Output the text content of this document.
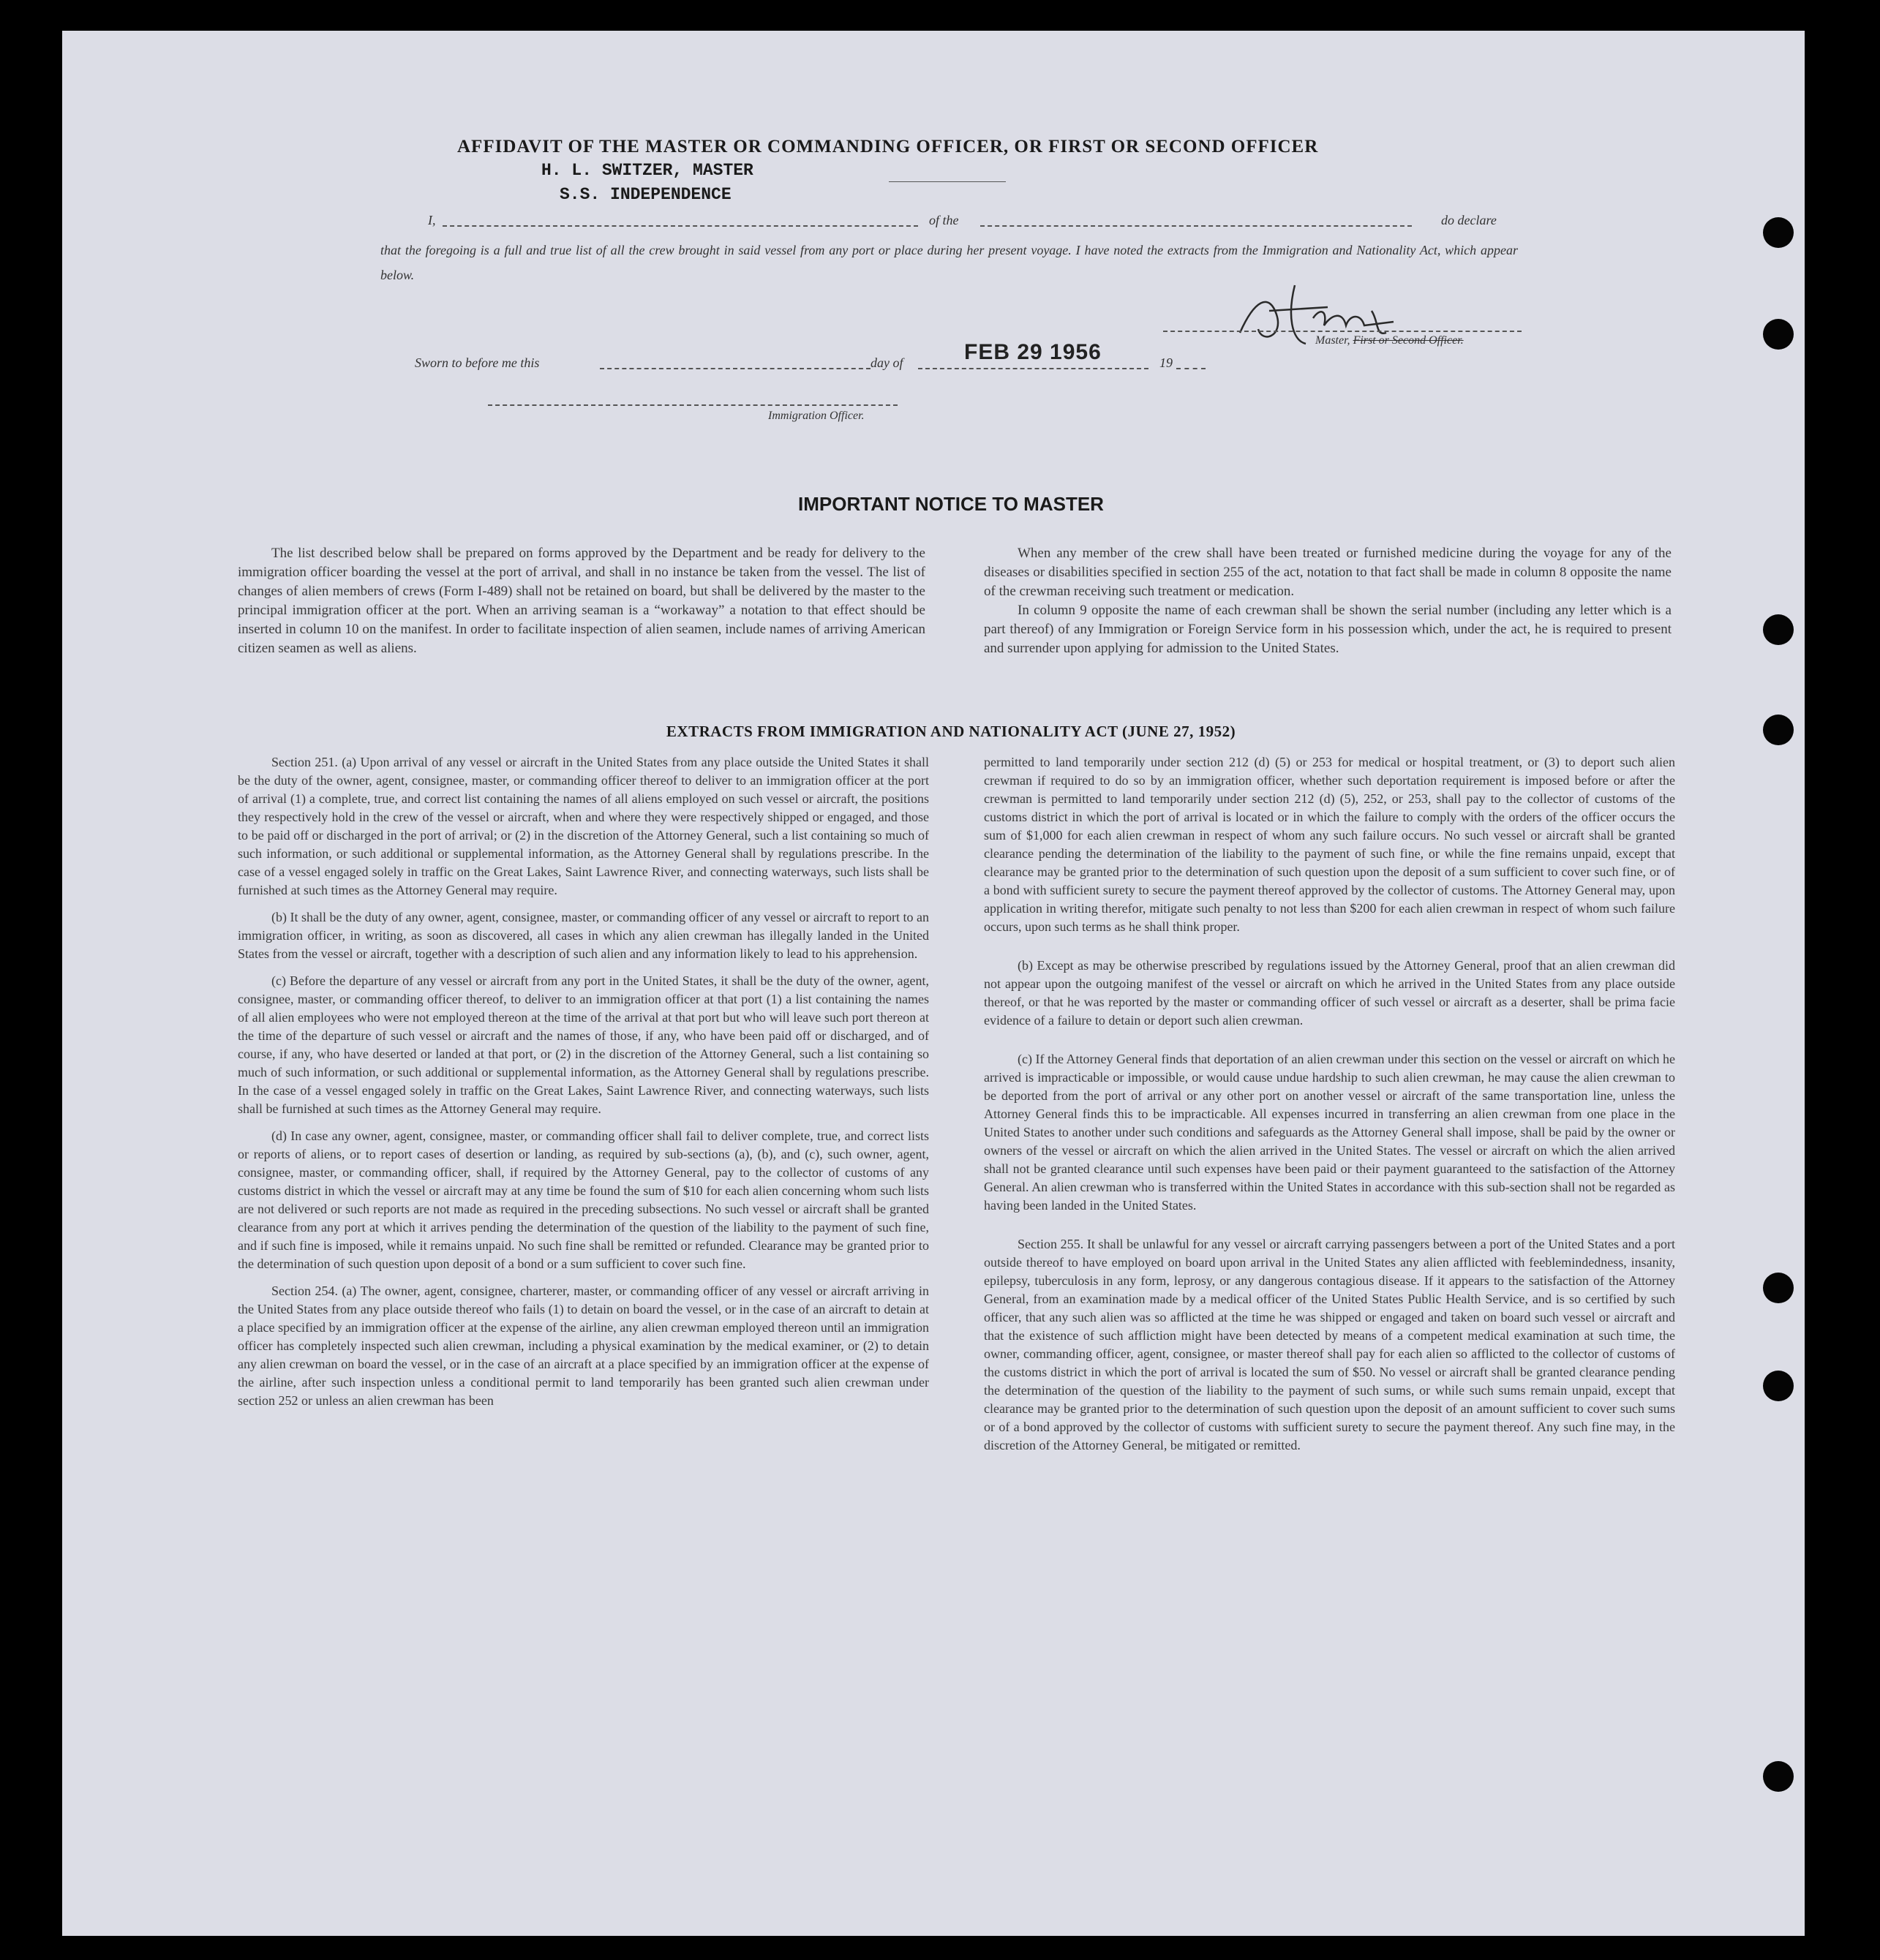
AFFIDAVIT OF THE MASTER OR COMMANDING OFFICER, OR FIRST OR SECOND OFFICER
H. L. SWITZER, MASTER
S.S. INDEPENDENCE
I,	of the	do declare
that the foregoing is a full and true list of all the crew brought in said vessel from any port or place during her present voyage. I have noted the extracts from the Immigration and Nationality Act, which appear below.
Master, First or Second Officer.
Sworn to before me this	day of	FEB 29 1956	19
Immigration Officer.
IMPORTANT NOTICE TO MASTER

The list described below shall be prepared on forms approved by the Department and be ready for delivery to the immigration officer boarding the vessel at the port of arrival, and shall in no instance be taken from the vessel. The list of changes of alien members of crews (Form I-489) shall not be retained on board, but shall be delivered by the master to the principal immigration officer at the port. When an arriving seaman is a “workaway” a notation to that effect should be inserted in column 10 on the manifest. In order to facilitate inspection of alien seamen, include names of arriving American citizen seamen as well as aliens.

When any member of the crew shall have been treated or furnished medicine during the voyage for any of the diseases or disabilities specified in section 255 of the act, notation to that fact shall be made in column 8 opposite the name of the crewman receiving such treatment or medication.

In column 9 opposite the name of each crewman shall be shown the serial number (including any letter which is a part thereof) of any Immigration or Foreign Service form in his possession which, under the act, he is required to present and surrender upon applying for admission to the United States.

EXTRACTS FROM IMMIGRATION AND NATIONALITY ACT (JUNE 27, 1952)

Section 251. (a) Upon arrival of any vessel or aircraft in the United States from any place outside the United States it shall be the duty of the owner, agent, consignee, master, or commanding officer thereof to deliver to an immigration officer at the port of arrival (1) a complete, true, and correct list containing the names of all aliens employed on such vessel or aircraft, the positions they respectively hold in the crew of the vessel or aircraft, when and where they were respectively shipped or engaged, and those to be paid off or discharged in the port of arrival; or (2) in the discretion of the Attorney General, such a list containing so much of such information, or such additional or supplemental information, as the Attorney General shall by regulations prescribe. In the case of a vessel engaged solely in traffic on the Great Lakes, Saint Lawrence River, and connecting waterways, such lists shall be furnished at such times as the Attorney General may require.

(b) It shall be the duty of any owner, agent, consignee, master, or commanding officer of any vessel or aircraft to report to an immigration officer, in writing, as soon as discovered, all cases in which any alien crewman has illegally landed in the United States from the vessel or aircraft, together with a description of such alien and any information likely to lead to his apprehension.

(c) Before the departure of any vessel or aircraft from any port in the United States, it shall be the duty of the owner, agent, consignee, master, or commanding officer thereof, to deliver to an immigration officer at that port (1) a list containing the names of all alien employees who were not employed thereon at the time of the arrival at that port but who will leave such port thereon at the time of the departure of such vessel or aircraft and the names of those, if any, who have been paid off or discharged, and of course, if any, who have deserted or landed at that port, or (2) in the discretion of the Attorney General, such a list containing so much of such information, or such additional or supplemental information, as the Attorney General shall by regulations prescribe. In the case of a vessel engaged solely in traffic on the Great Lakes, Saint Lawrence River, and connecting waterways, such lists shall be furnished at such times as the Attorney General may require.

(d) In case any owner, agent, consignee, master, or commanding officer shall fail to deliver complete, true, and correct lists or reports of aliens, or to report cases of desertion or landing, as required by sub-sections (a), (b), and (c), such owner, agent, consignee, master, or commanding officer, shall, if required by the Attorney General, pay to the collector of customs of any customs district in which the vessel or aircraft may at any time be found the sum of $10 for each alien concerning whom such lists are not delivered or such reports are not made as required in the preceding subsections. No such vessel or aircraft shall be granted clearance from any port at which it arrives pending the determination of the question of the liability to the payment of such fine, and if such fine is imposed, while it remains unpaid. No such fine shall be remitted or refunded. Clearance may be granted prior to the determination of such question upon deposit of a bond or a sum sufficient to cover such fine.

Section 254. (a) The owner, agent, consignee, charterer, master, or commanding officer of any vessel or aircraft arriving in the United States from any place outside thereof who fails (1) to detain on board the vessel, or in the case of an aircraft to detain at a place specified by an immigration officer at the expense of the airline, any alien crewman employed thereon until an immigration officer has completely inspected such alien crewman, including a physical examination by the medical examiner, or (2) to detain any alien crewman on board the vessel, or in the case of an aircraft at a place specified by an immigration officer at the expense of the airline, after such inspection unless a conditional permit to land temporarily has been granted such alien crewman under section 252 or unless an alien crewman has been

permitted to land temporarily under section 212 (d) (5) or 253 for medical or hospital treatment, or (3) to deport such alien crewman if required to do so by an immigration officer, whether such deportation requirement is imposed before or after the crewman is permitted to land temporarily under section 212 (d) (5), 252, or 253, shall pay to the collector of customs of the customs district in which the port of arrival is located or in which the failure to comply with the orders of the officer occurs the sum of $1,000 for each alien crewman in respect of whom any such failure occurs. No such vessel or aircraft shall be granted clearance pending the determination of the liability to the payment of such fine, or while the fine remains unpaid, except that clearance may be granted prior to the determination of such question upon the deposit of a sum sufficient to cover such fine, or of a bond with sufficient surety to secure the payment thereof approved by the collector of customs. The Attorney General may, upon application in writing therefor, mitigate such penalty to not less than $200 for each alien crewman in respect of whom such failure occurs, upon such terms as he shall think proper.

(b) Except as may be otherwise prescribed by regulations issued by the Attorney General, proof that an alien crewman did not appear upon the outgoing manifest of the vessel or aircraft on which he arrived in the United States from any place outside thereof, or that he was reported by the master or commanding officer of such vessel or aircraft as a deserter, shall be prima facie evidence of a failure to detain or deport such alien crewman.

(c) If the Attorney General finds that deportation of an alien crewman under this section on the vessel or aircraft on which he arrived is impracticable or impossible, or would cause undue hardship to such alien crewman, he may cause the alien crewman to be deported from the port of arrival or any other port on another vessel or aircraft of the same transportation line, unless the Attorney General finds this to be impracticable. All expenses incurred in transferring an alien crewman from one place in the United States to another under such conditions and safeguards as the Attorney General shall impose, shall be paid by the owner or owners of the vessel or aircraft on which the alien arrived in the United States. The vessel or aircraft on which the alien arrived shall not be granted clearance until such expenses have been paid or their payment guaranteed to the satisfaction of the Attorney General. An alien crewman who is transferred within the United States in accordance with this sub-section shall not be regarded as having been landed in the United States.

Section 255. It shall be unlawful for any vessel or aircraft carrying passengers between a port of the United States and a port outside thereof to have employed on board upon arrival in the United States any alien afflicted with feeblemindedness, insanity, epilepsy, tuberculosis in any form, leprosy, or any dangerous contagious disease. If it appears to the satisfaction of the Attorney General, from an examination made by a medical officer of the United States Public Health Service, and is so certified by such officer, that any such alien was so afflicted at the time he was shipped or engaged and taken on board such vessel or aircraft and that the existence of such affliction might have been detected by means of a competent medical examination at such time, the owner, commanding officer, agent, consignee, or master thereof shall pay for each alien so afflicted to the collector of customs of the customs district in which the port of arrival is located the sum of $50. No vessel or aircraft shall be granted clearance pending the determination of the question of the liability to the payment of such sums, or while such sums remain unpaid, except that clearance may be granted prior to the determination of such question upon the deposit of an amount sufficient to cover such sums or of a bond approved by the collector of customs with sufficient surety to secure the payment thereof. Any such fine may, in the discretion of the Attorney General, be mitigated or remitted.
